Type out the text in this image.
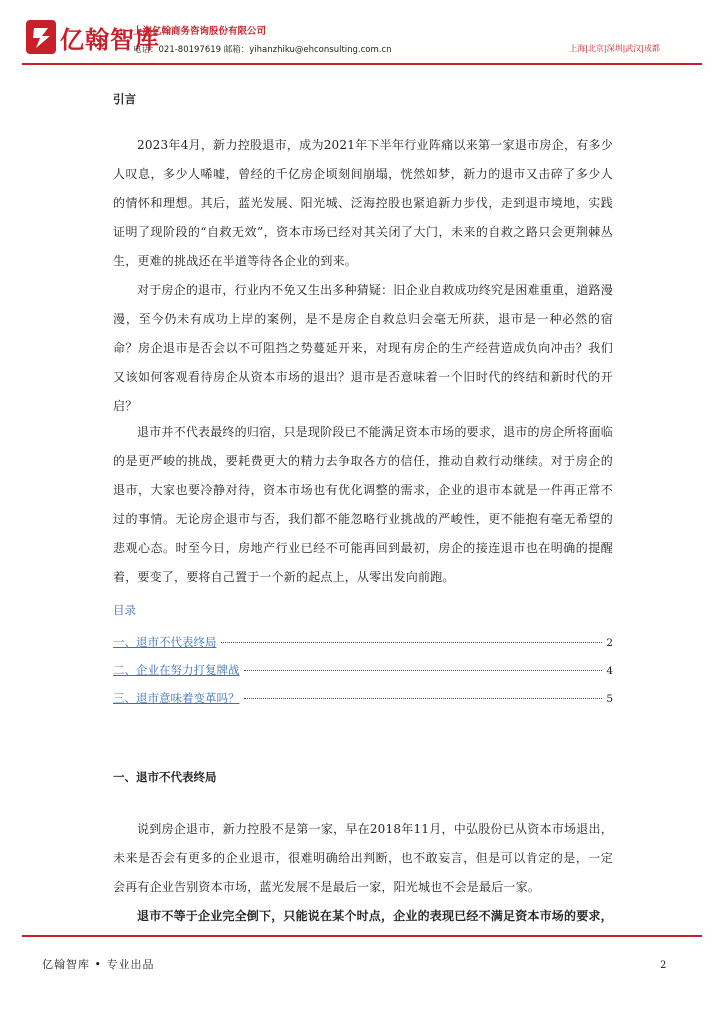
亿翰智库
上海亿翰商务咨询股份有限公司
电话：021-80197619 邮箱：yihanzhiku@ehconsulting.com.cn	上海|北京|深圳|武汉|成都
引言

2023年4月，新力控股退市，成为2021年下半年行业阵痛以来第一家退市房企，有多少人叹息，多少人唏嘘，曾经的千亿房企顷刻间崩塌，恍然如梦，新力的退市又击碎了多少人的情怀和理想。其后，蓝光发展、阳光城、泛海控股也紧追新力步伐，走到退市境地，实践证明了现阶段的“自救无效”，资本市场已经对其关闭了大门，未来的自救之路只会更荆棘丛生，更难的挑战还在半道等待各企业的到来。

对于房企的退市，行业内不免又生出多种猜疑：旧企业自救成功终究是困难重重，道路漫漫，至今仍未有成功上岸的案例，是不是房企自救总归会毫无所获，退市是一种必然的宿命？房企退市是否会以不可阻挡之势蔓延开来，对现有房企的生产经营造成负向冲击？我们又该如何客观看待房企从资本市场的退出？退市是否意味着一个旧时代的终结和新时代的开启？

退市并不代表最终的归宿，只是现阶段已不能满足资本市场的要求，退市的房企所将面临的是更严峻的挑战，要耗费更大的精力去争取各方的信任，推动自救行动继续。对于房企的退市，大家也要冷静对待，资本市场也有优化调整的需求，企业的退市本就是一件再正常不过的事情。无论房企退市与否，我们都不能忽略行业挑战的严峻性，更不能抱有毫无希望的悲观心态。时至今日，房地产行业已经不可能再回到最初，房企的接连退市也在明确的提醒着，要变了，要将自己置于一个新的起点上，从零出发向前跑。

目录
一、退市不代表终局	2
二、企业在努力打复牌战	4
三、退市意味着变革吗？	5
一、退市不代表终局

说到房企退市，新力控股不是第一家，早在2018年11月，中弘股份已从资本市场退出，未来是否会有更多的企业退市，很难明确给出判断，也不敢妄言，但是可以肯定的是，一定会再有企业告别资本市场，蓝光发展不是最后一家，阳光城也不会是最后一家。

退市不等于企业完全倒下，只能说在某个时点，企业的表现已经不满足资本市场的要求，

亿翰智库 • 专业出品	2
